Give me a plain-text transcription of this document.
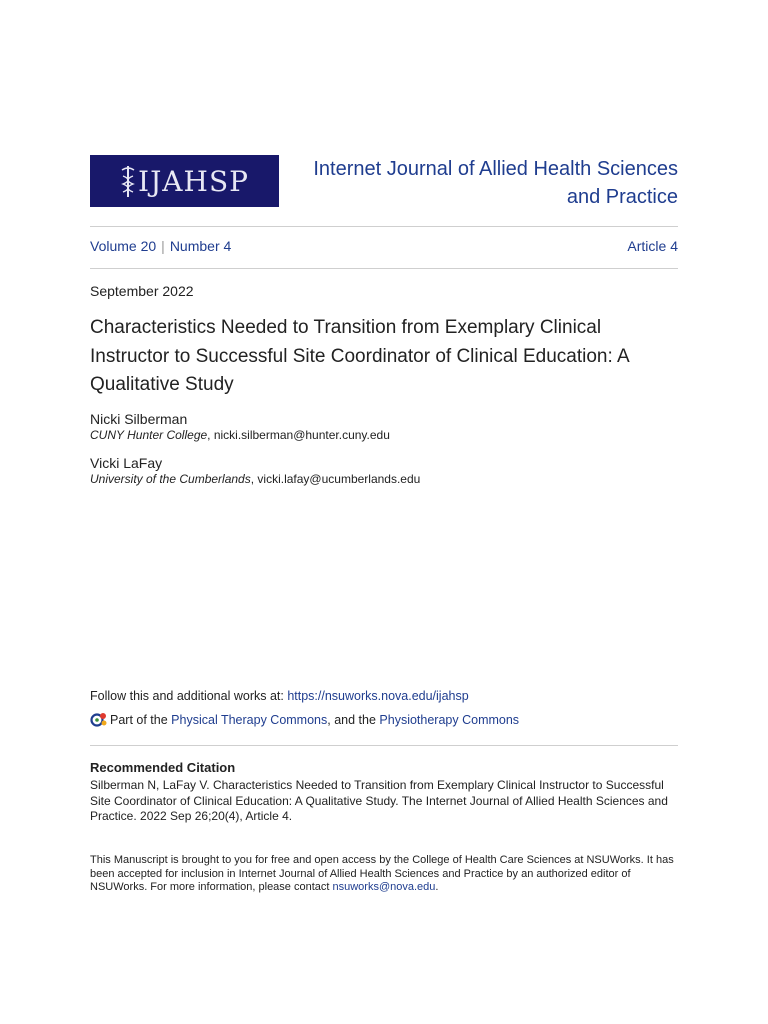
IJAHSP	Internet Journal of Allied Health Sciences
and Practice
Volume 20 | Number 4	Article 4
September 2022
Characteristics Needed to Transition from Exemplary Clinical Instructor to Successful Site Coordinator of Clinical Education: A Qualitative Study
Nicki Silberman
CUNY Hunter College, nicki.silberman@hunter.cuny.edu
Vicki LaFay
University of the Cumberlands, vicki.lafay@ucumberlands.edu
Follow this and additional works at: https://nsuworks.nova.edu/ijahsp
Part of the
Physical Therapy Commons , and the
Physiotherapy Commons
Recommended Citation
Silberman N, LaFay V. Characteristics Needed to Transition from Exemplary Clinical Instructor to Successful Site Coordinator of Clinical Education: A Qualitative Study. The Internet Journal of Allied Health Sciences and Practice. 2022 Sep 26;20(4), Article 4.
This Manuscript is brought to you for free and open access by the College of Health Care Sciences at NSUWorks. It has been accepted for inclusion in Internet Journal of Allied Health Sciences and Practice by an authorized editor of NSUWorks. For more information, please contact nsuworks@nova.edu.
